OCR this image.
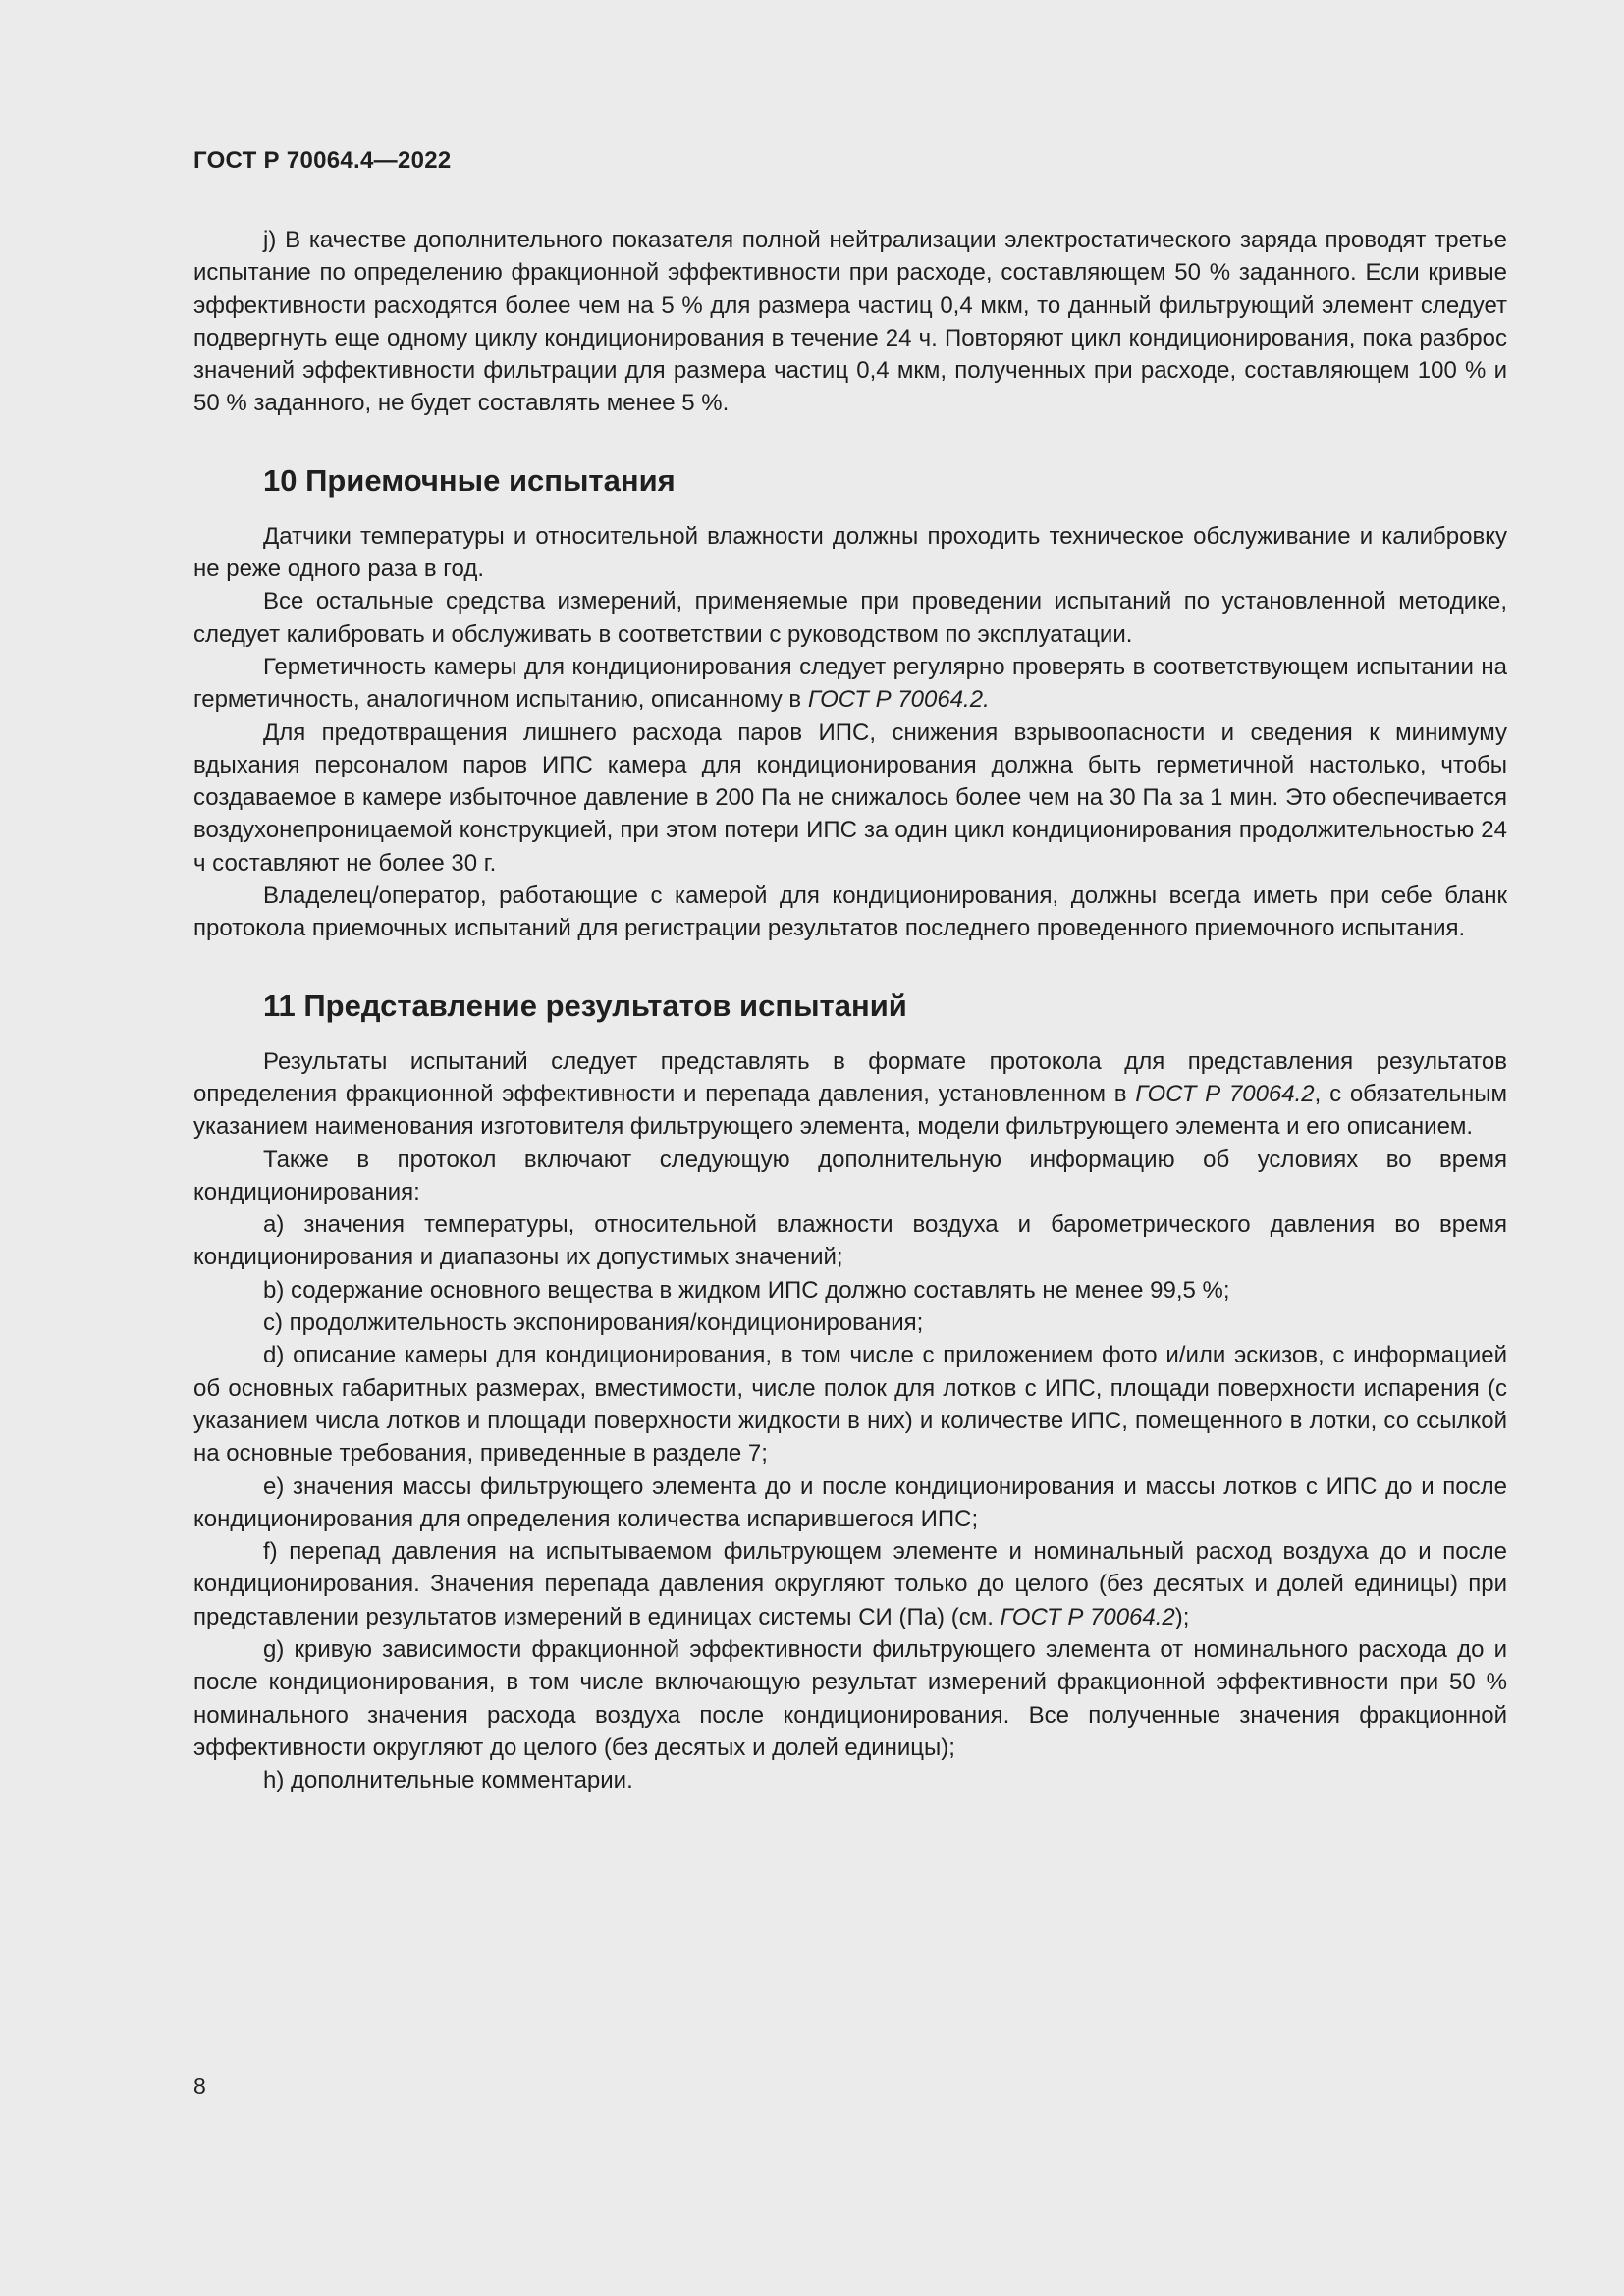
ГОСТ Р 70064.4—2022

j) В качестве дополнительного показателя полной нейтрализации электростатического заряда проводят третье испытание по определению фракционной эффективности при расходе, составляющем 50 % заданного. Если кривые эффективности расходятся более чем на 5 % для размера частиц 0,4 мкм, то данный фильтрующий элемент следует подвергнуть еще одному циклу кондиционирования в течение 24 ч. Повторяют цикл кондиционирования, пока разброс значений эффективности фильтрации для размера частиц 0,4 мкм, полученных при расходе, составляющем 100 % и 50 % заданного, не будет составлять менее 5 %.

10 Приемочные испытания

Датчики температуры и относительной влажности должны проходить техническое обслуживание и калибровку не реже одного раза в год.

Все остальные средства измерений, применяемые при проведении испытаний по установленной методике, следует калибровать и обслуживать в соответствии с руководством по эксплуатации.

Герметичность камеры для кондиционирования следует регулярно проверять в соответствующем испытании на герметичность, аналогичном испытанию, описанному в ГОСТ Р 70064.2.

Для предотвращения лишнего расхода паров ИПС, снижения взрывоопасности и сведения к минимуму вдыхания персоналом паров ИПС камера для кондиционирования должна быть герметичной настолько, чтобы создаваемое в камере избыточное давление в 200 Па не снижалось более чем на 30 Па за 1 мин. Это обеспечивается воздухонепроницаемой конструкцией, при этом потери ИПС за один цикл кондиционирования продолжительностью 24 ч составляют не более 30 г.

Владелец/оператор, работающие с камерой для кондиционирования, должны всегда иметь при себе бланк протокола приемочных испытаний для регистрации результатов последнего проведенного приемочного испытания.

11 Представление результатов испытаний

Результаты испытаний следует представлять в формате протокола для представления результатов определения фракционной эффективности и перепада давления, установленном в ГОСТ Р 70064.2, с обязательным указанием наименования изготовителя фильтрующего элемента, модели фильтрующего элемента и его описанием.

Также в протокол включают следующую дополнительную информацию об условиях во время кондиционирования:

a) значения температуры, относительной влажности воздуха и барометрического давления во время кондиционирования и диапазоны их допустимых значений;

b) содержание основного вещества в жидком ИПС должно составлять не менее 99,5 %;

c) продолжительность экспонирования/кондиционирования;

d) описание камеры для кондиционирования, в том числе с приложением фото и/или эскизов, с информацией об основных габаритных размерах, вместимости, числе полок для лотков с ИПС, площади поверхности испарения (с указанием числа лотков и площади поверхности жидкости в них) и количестве ИПС, помещенного в лотки, со ссылкой на основные требования, приведенные в разделе 7;

e) значения массы фильтрующего элемента до и после кондиционирования и массы лотков с ИПС до и после кондиционирования для определения количества испарившегося ИПС;

f) перепад давления на испытываемом фильтрующем элементе и номинальный расход воздуха до и после кондиционирования. Значения перепада давления округляют только до целого (без десятых и долей единицы) при представлении результатов измерений в единицах системы СИ (Па) (см. ГОСТ Р 70064.2);

g) кривую зависимости фракционной эффективности фильтрующего элемента от номинального расхода до и после кондиционирования, в том числе включающую результат измерений фракционной эффективности при 50 % номинального значения расхода воздуха после кондиционирования. Все полученные значения фракционной эффективности округляют до целого (без десятых и долей единицы);

h) дополнительные комментарии.

8
